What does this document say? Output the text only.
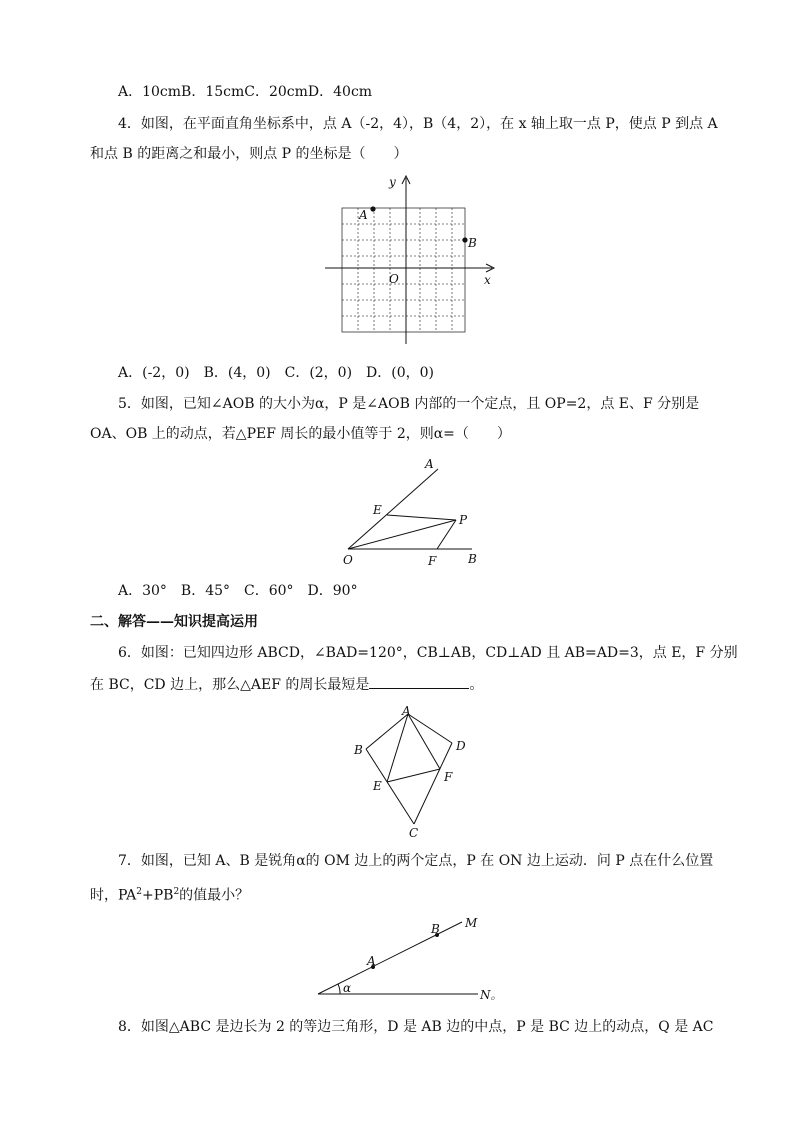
A．10cmB．15cmC．20cmD．40cm
4．如图，在平面直角坐标系中，点 A（-2，4），B（4，2），在 x 轴上取一点 P，使点 P 到点 A
和点 B 的距离之和最小，则点 P 的坐标是（　　）
y
x
O
A
B
A．(-2，0)　B．(4，0)　C．(2，0)　D．(0，0)
5．如图，已知∠AOB 的大小为α，P 是∠AOB 内部的一个定点，且 OP=2，点 E、F 分别是
OA、OB 上的动点，若△PEF 周长的最小值等于 2，则α=（　　）
A
E
P
O	F	B
A．30°　B．45°　C．60°　D．90°
二、解答——知识提高运用
6．如图：已知四边形 ABCD，∠BAD=120°，CB⊥AB，CD⊥AD 且 AB=AD=3，点 E，F 分别
在 BC，CD 边上，那么△AEF 的周长最短是	。
A
B	D
E
F
C
7．如图，已知 A、B 是锐角α的 OM 边上的两个定点，P 在 ON 边上运动．问 P 点在什么位置
时，$PA^2+PB^2$的值最小？
M
B
A
α	N。
8．如图△ABC 是边长为 2 的等边三角形，D 是 AB 边的中点，P 是 BC 边上的动点，Q 是 AC
